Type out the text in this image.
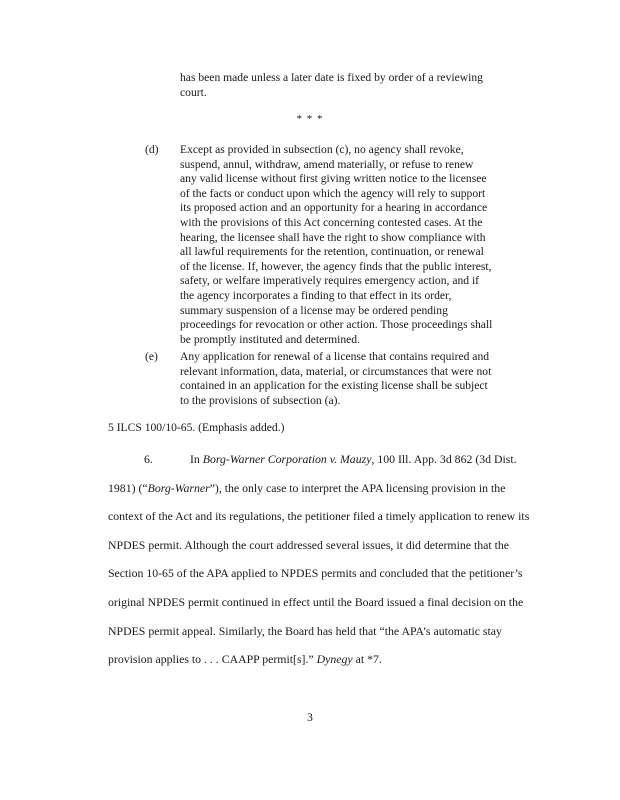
has been made unless a later date is fixed by order of a reviewing
court.
* * *
(d) Except as provided in subsection (c), no agency shall revoke,
suspend, annul, withdraw, amend materially, or refuse to renew
any valid license without first giving written notice to the licensee
of the facts or conduct upon which the agency will rely to support
its proposed action and an opportunity for a hearing in accordance
with the provisions of this Act concerning contested cases. At the
hearing, the licensee shall have the right to show compliance with
all lawful requirements for the retention, continuation, or renewal
of the license. If, however, the agency finds that the public interest,
safety, or welfare imperatively requires emergency action, and if
the agency incorporates a finding to that effect in its order,
summary suspension of a license may be ordered pending
proceedings for revocation or other action. Those proceedings shall
be promptly instituted and determined.
(e) Any application for renewal of a license that contains required and
relevant information, data, material, or circumstances that were not
contained in an application for the existing license shall be subject
to the provisions of subsection (a).
5 ILCS 100/10-65. (Emphasis added.)
6.	In Borg-Warner Corporation v. Mauzy, 100 Ill. App. 3d 862 (3d Dist.
1981) (“Borg-Warner”), the only case to interpret the APA licensing provision in the
context of the Act and its regulations, the petitioner filed a timely application to renew its
NPDES permit. Although the court addressed several issues, it did determine that the
Section 10-65 of the APA applied to NPDES permits and concluded that the petitioner’s
original NPDES permit continued in effect until the Board issued a final decision on the
NPDES permit appeal. Similarly, the Board has held that “the APA’s automatic stay
provision applies to . . . CAAPP permit[s].” Dynegy at *7.
3
